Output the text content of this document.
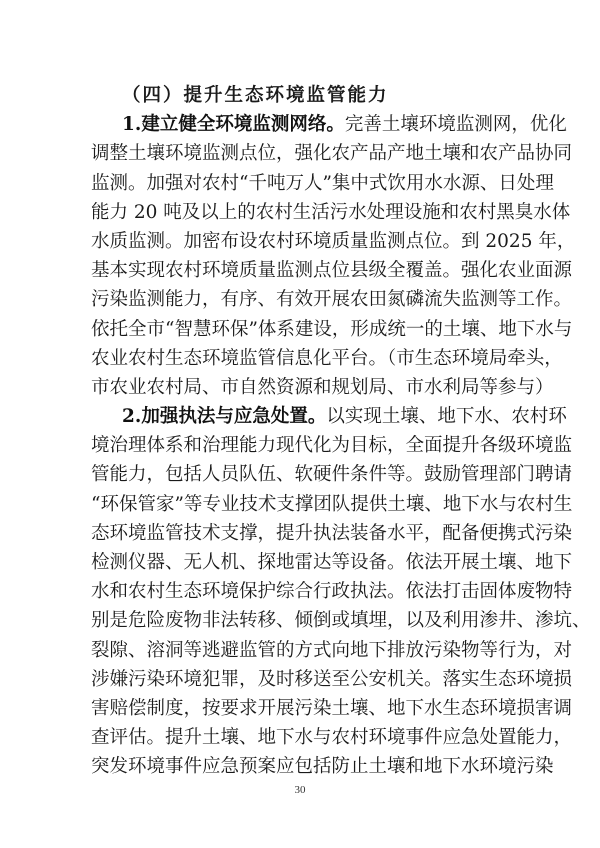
（四）提升生态环境监管能力
1.建立健全环境监测网络。完善土壤环境监测网，优化
调整土壤环境监测点位，强化农产品产地土壤和农产品协同
监测。加强对农村“千吨万人”集中式饮用水水源、日处理
能力 20 吨及以上的农村生活污水处理设施和农村黑臭水体
水质监测。加密布设农村环境质量监测点位。到 2025 年，
基本实现农村环境质量监测点位县级全覆盖。强化农业面源
污染监测能力，有序、有效开展农田氮磷流失监测等工作。
依托全市“智慧环保”体系建设，形成统一的土壤、地下水与
农业农村生态环境监管信息化平台。（市生态环境局牵头，
市农业农村局、市自然资源和规划局、市水利局等参与）
2.加强执法与应急处置。以实现土壤、地下水、农村环
境治理体系和治理能力现代化为目标，全面提升各级环境监
管能力，包括人员队伍、软硬件条件等。鼓励管理部门聘请
“环保管家”等专业技术支撑团队提供土壤、地下水与农村生
态环境监管技术支撑，提升执法装备水平，配备便携式污染
检测仪器、无人机、探地雷达等设备。依法开展土壤、地下
水和农村生态环境保护综合行政执法。依法打击固体废物特
别是危险废物非法转移、倾倒或填埋，以及利用渗井、渗坑、
裂隙、溶洞等逃避监管的方式向地下排放污染物等行为，对
涉嫌污染环境犯罪，及时移送至公安机关。落实生态环境损
害赔偿制度，按要求开展污染土壤、地下水生态环境损害调
查评估。提升土壤、地下水与农村环境事件应急处置能力，
突发环境事件应急预案应包括防止土壤和地下水环境污染
30
